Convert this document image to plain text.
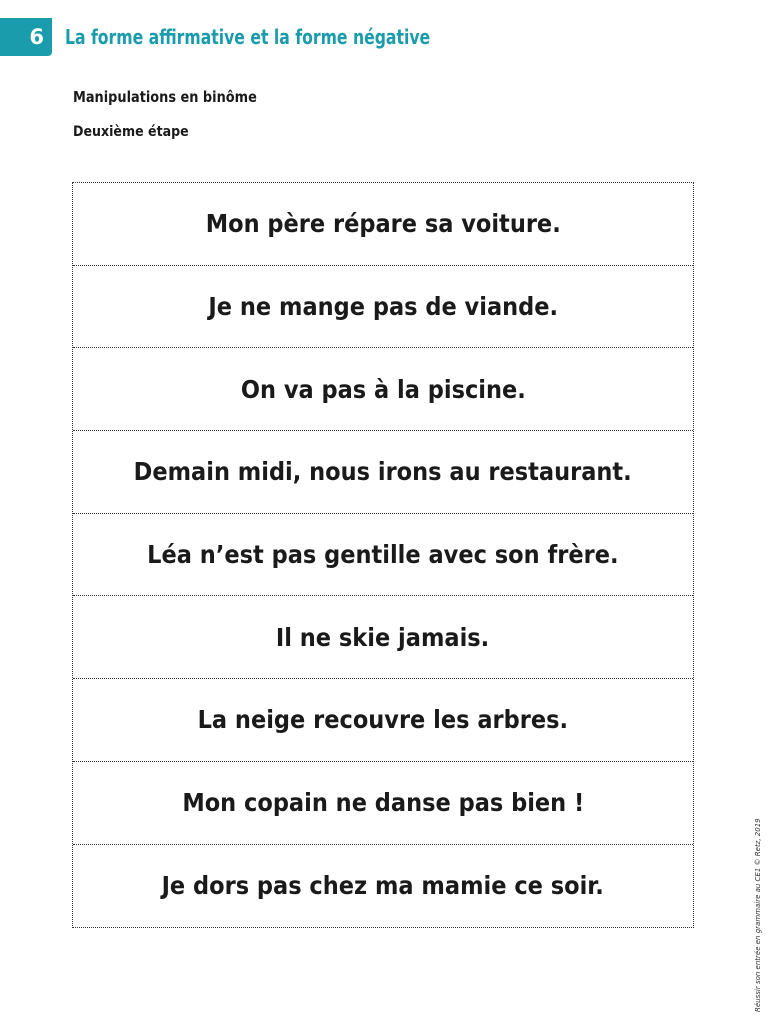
6 La forme affirmative et la forme négative
Manipulations en binôme
Deuxième étape
Mon père répare sa voiture.
Je ne mange pas de viande.
On va pas à la piscine.
Demain midi, nous irons au restaurant.
Léa n’est pas gentille avec son frère.
Il ne skie jamais.
La neige recouvre les arbres.
Mon copain ne danse pas bien !
Je dors pas chez ma mamie ce soir.	Réussir son entrée en grammaire au CE1 © Retz, 2019
